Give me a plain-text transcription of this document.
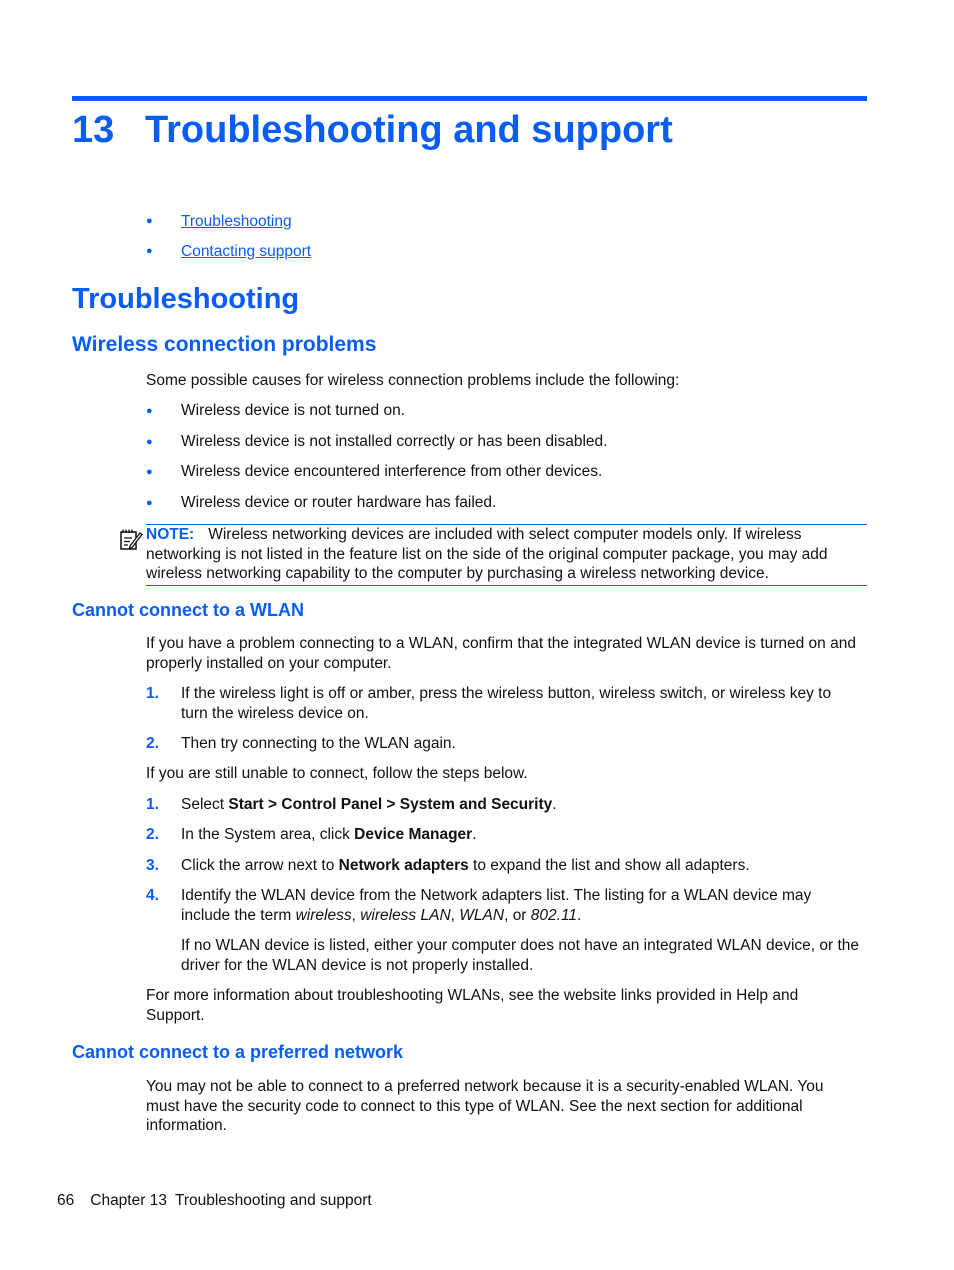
13 Troubleshooting and support
● Troubleshooting
● Contacting support
Troubleshooting
Wireless connection problems
Some possible causes for wireless connection problems include the following:
● Wireless device is not turned on.
● Wireless device is not installed correctly or has been disabled.
● Wireless device encountered interference from other devices.
● Wireless device or router hardware has failed.
NOTE: Wireless networking devices are included with select computer models only. If wireless networking is not listed in the feature list on the side of the original computer package, you may add wireless networking capability to the computer by purchasing a wireless networking device.
Cannot connect to a WLAN
If you have a problem connecting to a WLAN, confirm that the integrated WLAN device is turned on and properly installed on your computer.
1. If the wireless light is off or amber, press the wireless button, wireless switch, or wireless key to turn the wireless device on.
2. Then try connecting to the WLAN again.
If you are still unable to connect, follow the steps below.
1. Select Start > Control Panel > System and Security.
2. In the System area, click Device Manager.
3. Click the arrow next to Network adapters to expand the list and show all adapters.
4. Identify the WLAN device from the Network adapters list. The listing for a WLAN device may include the term wireless, wireless LAN, WLAN, or 802.11.
If no WLAN device is listed, either your computer does not have an integrated WLAN device, or the driver for the WLAN device is not properly installed.
For more information about troubleshooting WLANs, see the website links provided in Help and Support.
Cannot connect to a preferred network
You may not be able to connect to a preferred network because it is a security-enabled WLAN. You must have the security code to connect to this type of WLAN. See the next section for additional information.
66 Chapter 13 Troubleshooting and support
